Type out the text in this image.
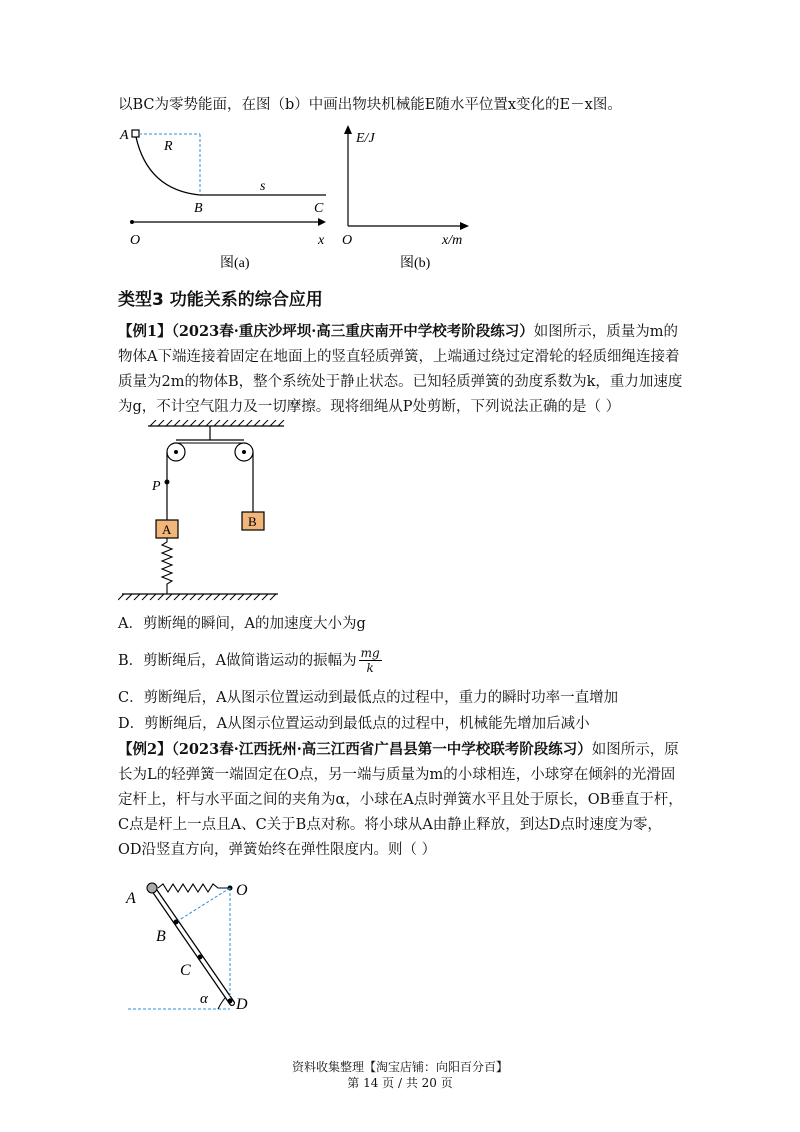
以BC为零势能面，在图（b）中画出物块机械能E随水平位置x变化的E－x图。
A
R
B
s
C
O	x
图(a)
E/J
O	x/m
图(b)
类型3 功能关系的综合应用
【例1】（2023春·重庆沙坪坝·高三重庆南开中学校考阶段练习）如图所示，质量为m的
物体A下端连接着固定在地面上的竖直轻质弹簧，上端通过绕过定滑轮的轻质细绳连接着
质量为2m的物体B，整个系统处于静止状态。已知轻质弹簧的劲度系数为k，重力加速度
为g，不计空气阻力及一切摩擦。现将细绳从P处剪断，下列说法正确的是（ ）
P
A
B
A．剪断绳的瞬间，A的加速度大小为g
B．剪断绳后，A做简谐运动的振幅为 $\frac{mg}{k}$
C．剪断绳后，A从图示位置运动到最低点的过程中，重力的瞬时功率一直增加
D．剪断绳后，A从图示位置运动到最低点的过程中，机械能先增加后减小
【例2】（2023春·江西抚州·高三江西省广昌县第一中学校联考阶段练习）如图所示，原
长为L的轻弹簧一端固定在O点，另一端与质量为m的小球相连，小球穿在倾斜的光滑固
定杆上，杆与水平面之间的夹角为α，小球在A点时弹簧水平且处于原长，OB垂直于杆，
C点是杆上一点且A、C关于B点对称。将小球从A由静止释放，到达D点时速度为零，
OD沿竖直方向，弹簧始终在弹性限度内。则（ ）
A	O
B
C
α D
资料收集整理【淘宝店铺：向阳百分百】
第 14 页 / 共 20 页
